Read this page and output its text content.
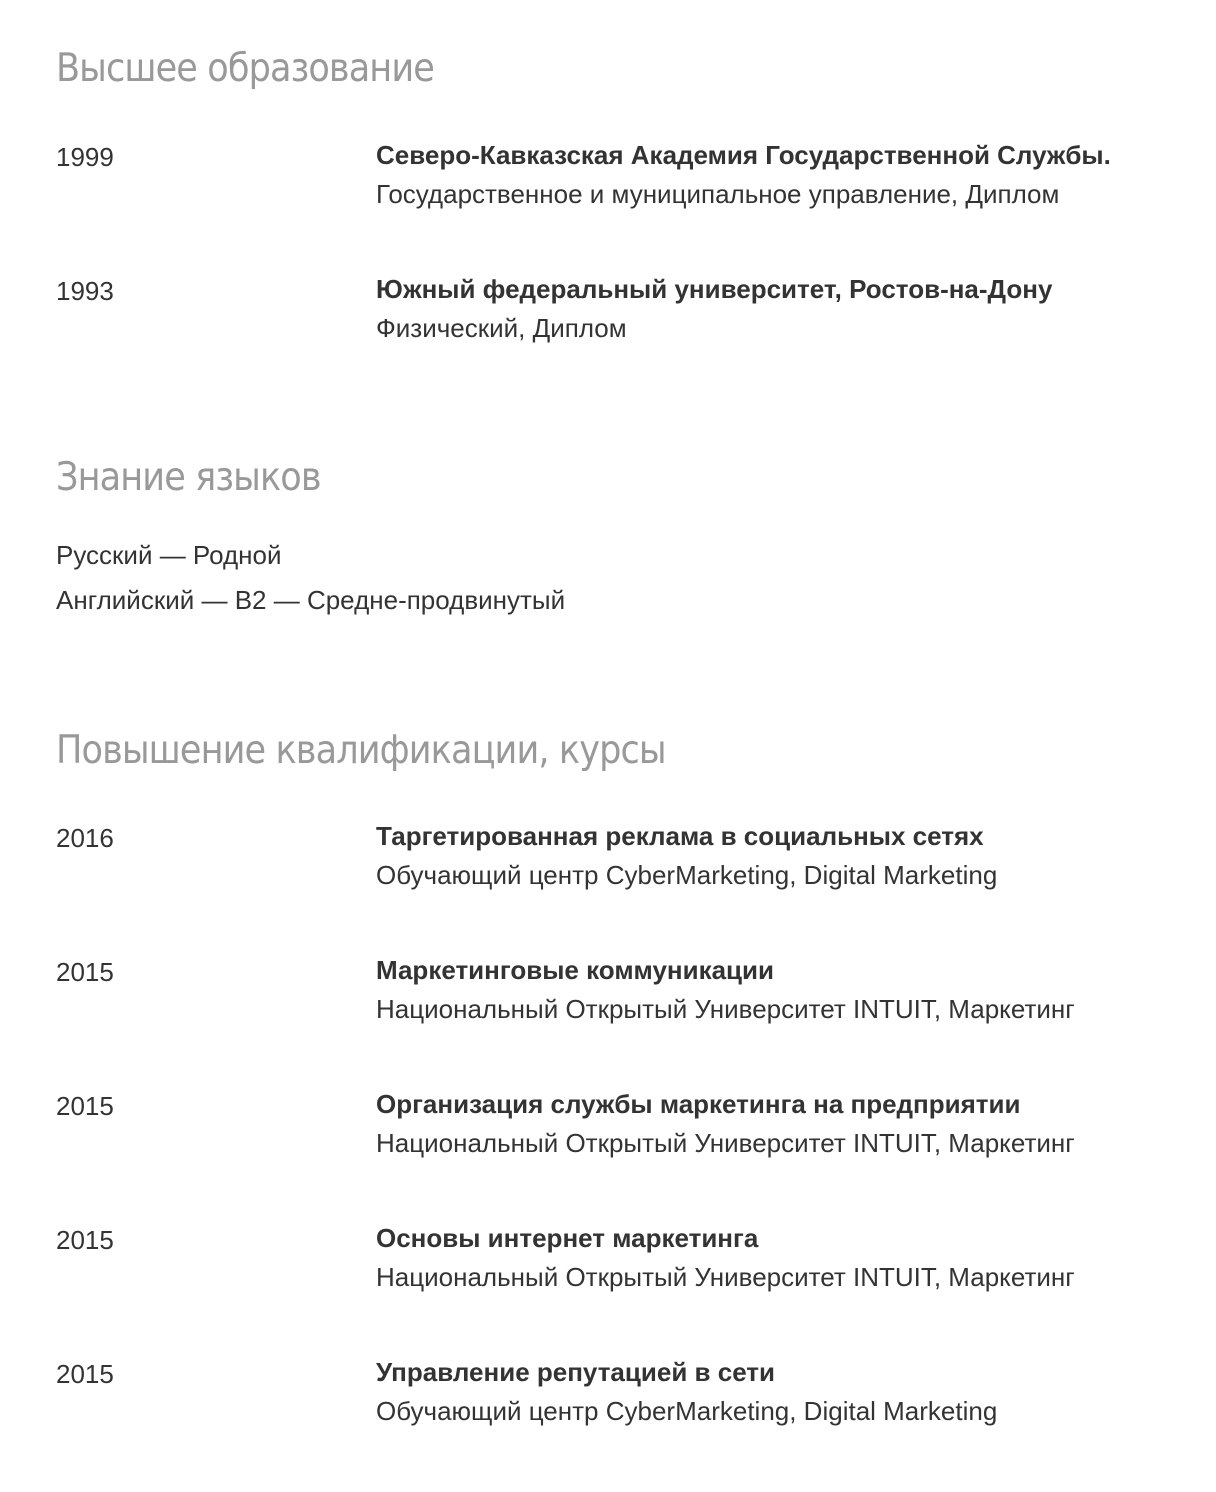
Высшее образование
1999	Северо-Кавказская Академия Государственной Службы.
Государственное и муниципальное управление, Диплом
1993	Южный федеральный университет, Ростов-на-Дону
Физический, Диплом
Знание языков
Русский — Родной
Английский — B2 — Средне-продвинутый
Повышение квалификации, курсы
2016	Таргетированная реклама в социальных сетях
Обучающий центр CyberMarketing, Digital Marketing
2015	Маркетинговые коммуникации
Национальный Открытый Университет INTUIT, Маркетинг
2015	Организация службы маркетинга на предприятии
Национальный Открытый Университет INTUIT, Маркетинг
2015	Основы интернет маркетинга
Национальный Открытый Университет INTUIT, Маркетинг
2015	Управление репутацией в сети
Обучающий центр CyberMarketing, Digital Marketing
